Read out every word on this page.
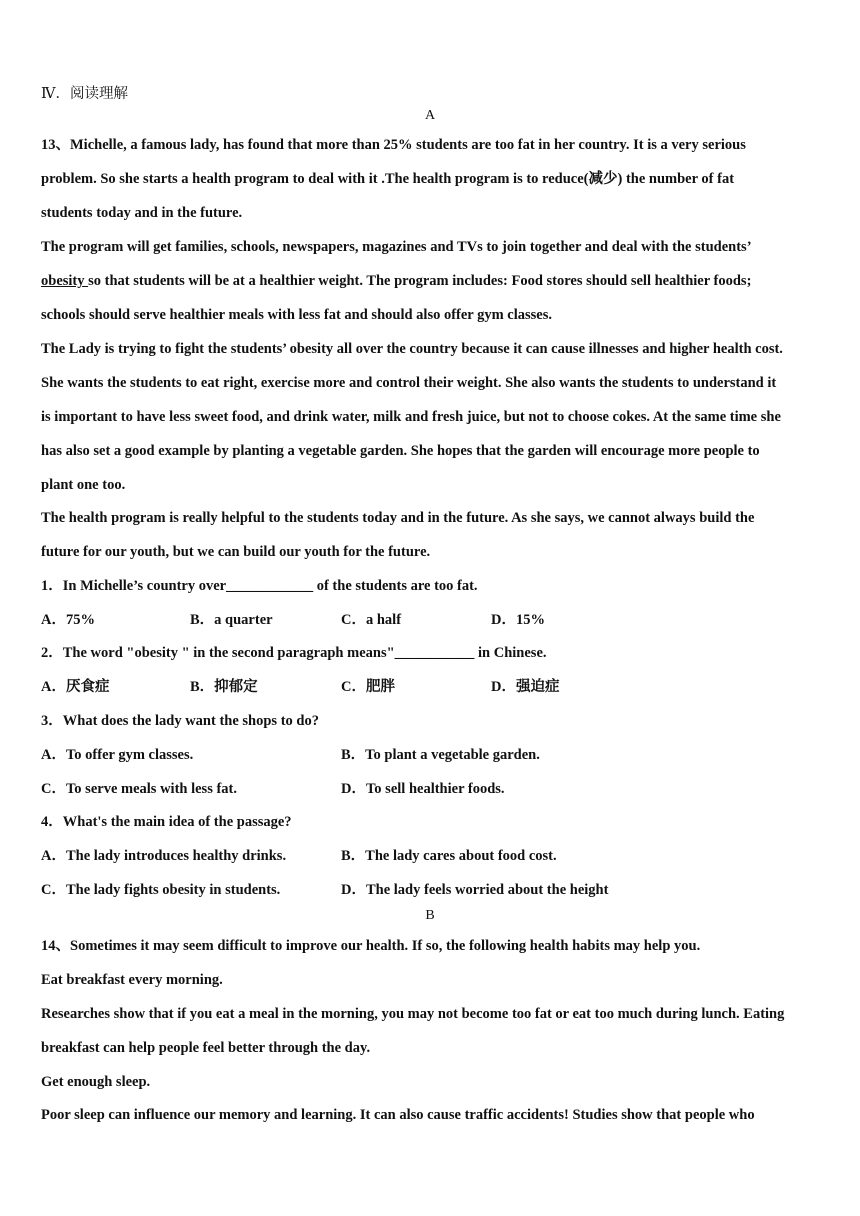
Ⅳ．阅读理解
A
13、Michelle, a famous lady, has found that more than 25% students are too fat in her country. It is a very serious
problem. So she starts a health program to deal with it .The health program is to reduce(减少) the number of fat
students today and in the future.
The program will get families, schools, newspapers, magazines and TVs to join together and deal with the students’
obesity so that students will be at a healthier weight. The program includes: Food stores should sell healthier foods;
schools should serve healthier meals with less fat and should also offer gym classes.
The Lady is trying to fight the students’ obesity all over the country because it can cause illnesses and higher health cost.
She wants the students to eat right, exercise more and control their weight. She also wants the students to understand it
is important to have less sweet food, and drink water, milk and fresh juice, but not to choose cokes. At the same time she
has also set a good example by planting a vegetable garden. She hopes that the garden will encourage more people to
plant one too.
The health program is really helpful to the students today and in the future. As she says, we cannot always build the
future for our youth, but we can build our youth for the future.
1．In Michelle’s country over____________ of the students are too fat.
A．75%	B．a quarter	C．a half	D．15%
2．The word "obesity " in the second paragraph means"___________ in Chinese.
A．厌食症	B．抑郁定	C．肥胖	D．强迫症
3．What does the lady want the shops to do?
A．To offer gym classes.	B．To plant a vegetable garden.
C．To serve meals with less fat.	D．To sell healthier foods.
4．What's the main idea of the passage?
A．The lady introduces healthy drinks.	B．The lady cares about food cost.
C．The lady fights obesity in students.	D．The lady feels worried about the height
B
14、Sometimes it may seem difficult to improve our health. If so, the following health habits may help you.
Eat breakfast every morning.
Researches show that if you eat a meal in the morning, you may not become too fat or eat too much during lunch. Eating
breakfast can help people feel better through the day.
Get enough sleep.
Poor sleep can influence our memory and learning. It can also cause traffic accidents! Studies show that people who
